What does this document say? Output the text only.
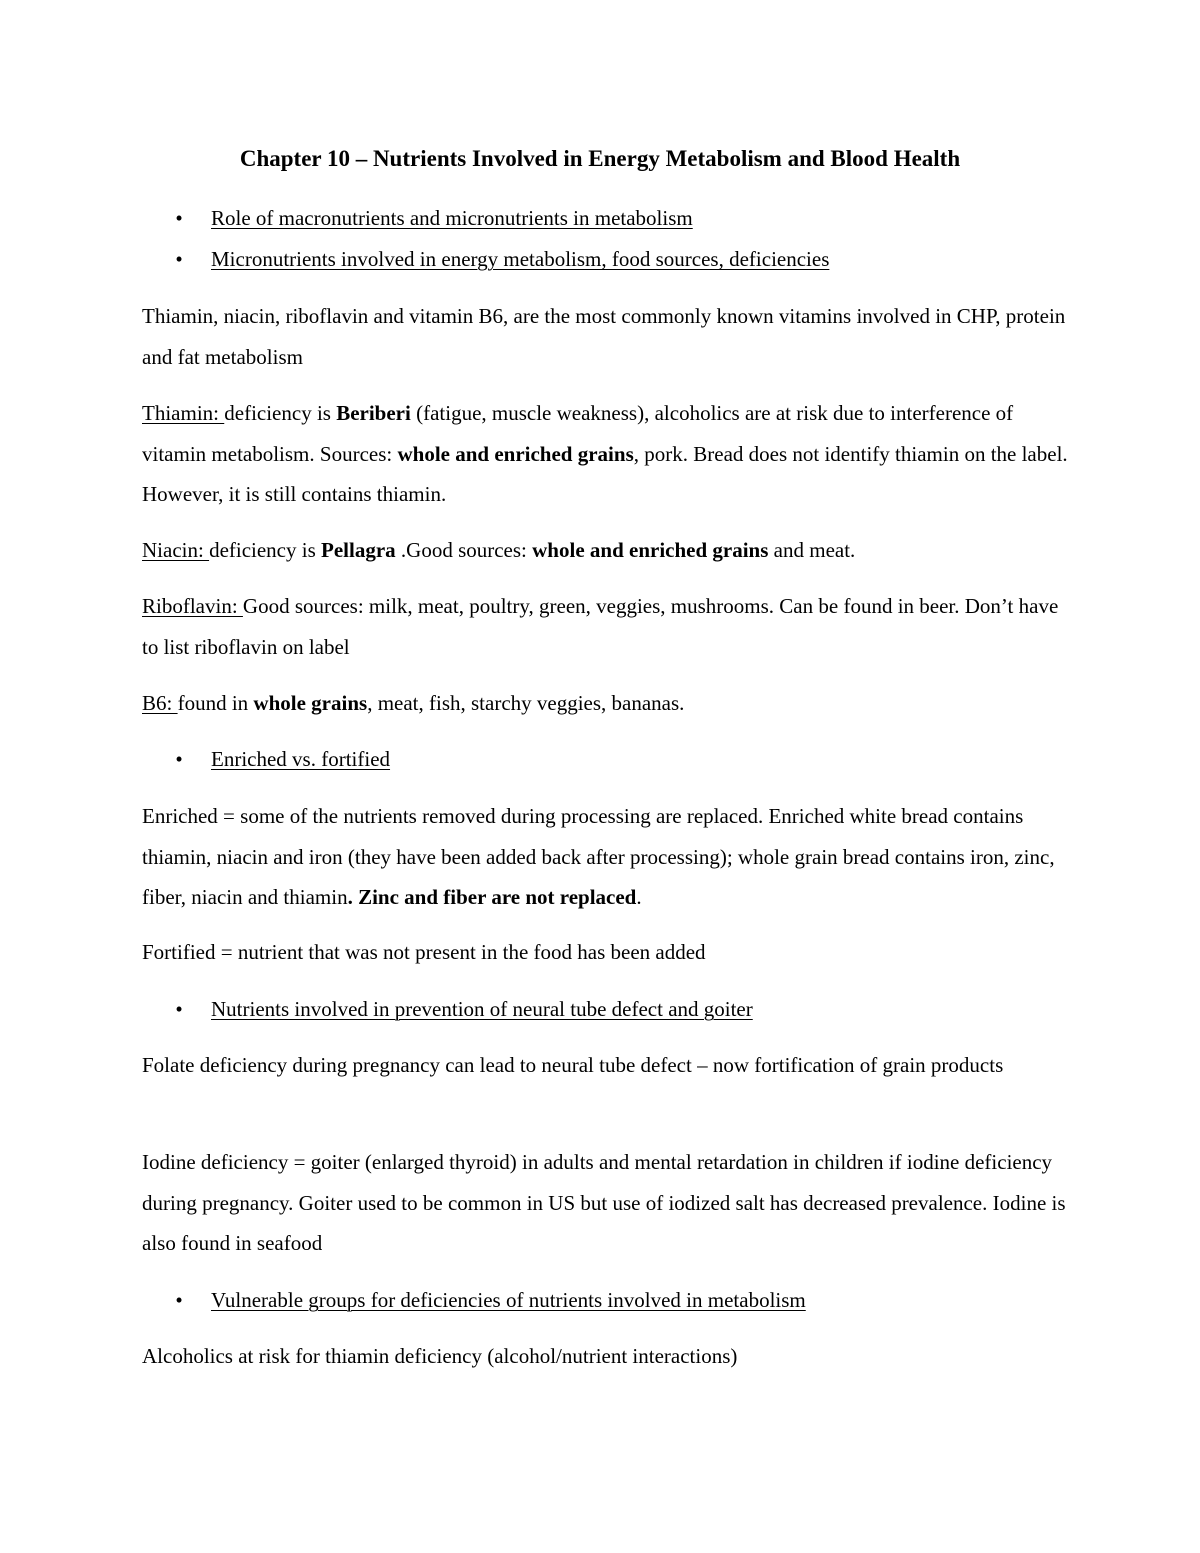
Chapter 10 – Nutrients Involved in Energy Metabolism and Blood Health
• Role of macronutrients and micronutrients in metabolism
• Micronutrients involved in energy metabolism, food sources, deficiencies

Thiamin, niacin, riboflavin and vitamin B6, are the most commonly known vitamins involved in CHP, protein and fat metabolism

Thiamin: deficiency is Beriberi (fatigue, muscle weakness), alcoholics are at risk due to interference of vitamin metabolism. Sources: whole and enriched grains, pork. Bread does not identify thiamin on the label. However, it is still contains thiamin.

Niacin: deficiency is Pellagra .Good sources: whole and enriched grains and meat.

Riboflavin: Good sources: milk, meat, poultry, green, veggies, mushrooms. Can be found in beer. Don’t have to list riboflavin on label

B6: found in whole grains, meat, fish, starchy veggies, bananas.

• Enriched vs. fortified

Enriched = some of the nutrients removed during processing are replaced. Enriched white bread contains thiamin, niacin and iron (they have been added back after processing); whole grain bread contains iron, zinc, fiber, niacin and thiamin. Zinc and fiber are not replaced.

Fortified = nutrient that was not present in the food has been added

• Nutrients involved in prevention of neural tube defect and goiter

Folate deficiency during pregnancy can lead to neural tube defect – now fortification of grain products

Iodine deficiency = goiter (enlarged thyroid) in adults and mental retardation in children if iodine deficiency during pregnancy. Goiter used to be common in US but use of iodized salt has decreased prevalence. Iodine is also found in seafood

• Vulnerable groups for deficiencies of nutrients involved in metabolism

Alcoholics at risk for thiamin deficiency (alcohol/nutrient interactions)
